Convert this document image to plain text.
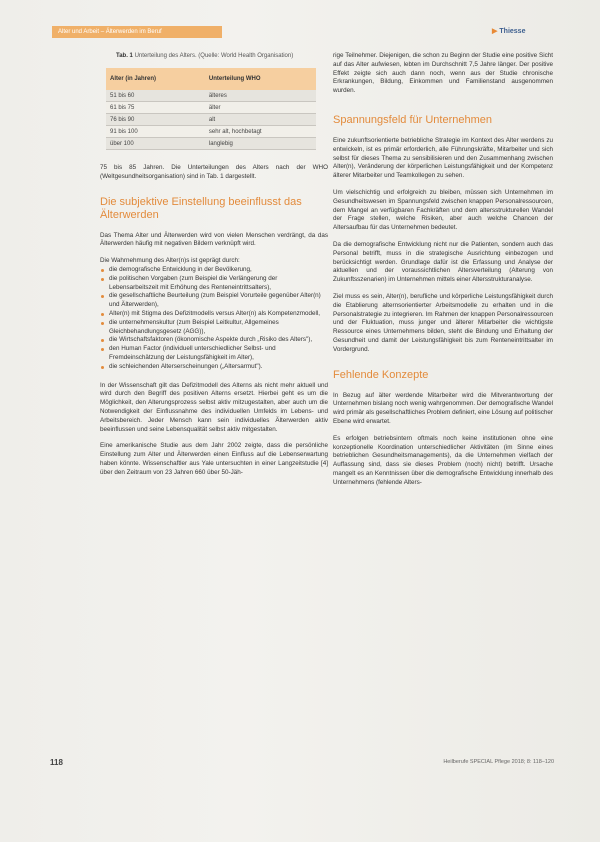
Alter und Arbeit – Älterwerden im Beruf	▶ Thiesse
Tab. 1 Unterteilung des Alters. (Quelle: World Health Organisation)
Alter (in Jahren)	Unterteilung WHO
51 bis 60	älteres
61 bis 75	älter
76 bis 90	alt
91 bis 100	sehr alt, hochbetagt
über 100	langlebig

75 bis 85 Jahren. Die Unterteilungen des Alters nach der WHO (Weltgesundheitsorganisation) sind in Tab. 1 dargestellt.

Die subjektive Einstellung beeinflusst das Älterwerden

Das Thema Alter und Älterwerden wird von vielen Menschen verdrängt, da das Älterwerden häufig mit negativen Bildern verknüpft wird.

Die Wahrnehmung des Alter(n)s ist geprägt durch:

die demografische Entwicklung in der Bevölkerung,
die politischen Vorgaben (zum Beispiel die Verlängerung der Lebensarbeitszeit mit Erhöhung des Renteneintrittsalters),
die gesellschaftliche Beurteilung (zum Beispiel Vorurteile gegenüber Alter(n) und Älterwerden),
Alter(n) mit Stigma des Defizitmodells versus Alter(n) als Kompetenzmodell,
die unternehmenskultur (zum Beispiel Leitkultur, Allgemeines Gleichbehandlungsgesetz (AGG)),
die Wirtschaftsfaktoren (ökonomische Aspekte durch „Risiko des Alters"),
den Human Factor (individuell unterschiedlicher Selbst- und Fremdeinschätzung der Leistungsfähigkeit im Alter),
die schleichenden Alterserscheinungen („Altersarmut").

In der Wissenschaft gilt das Defizitmodell des Alterns als nicht mehr aktuell und wird durch den Begriff des positiven Alterns ersetzt. Hierbei geht es um die Möglichkeit, den Alterungsprozess selbst aktiv mitzugestalten, aber auch um die Notwendigkeit der Einflussnahme des individuellen Umfelds im Lebens- und Arbeitsbereich. Jeder Mensch kann sein individuelles Älterwerden aktiv beeinflussen und seine Lebensqualität selbst aktiv mitgestalten.

Eine amerikanische Studie aus dem Jahr 2002 zeigte, dass die persönliche Einstellung zum Alter und Älterwerden einen Einfluss auf die Lebenserwartung haben könnte. Wissenschaftler aus Yale untersuchten in einer Langzeitstudie [4] über den Zeitraum von 23 Jahren 660 über 50-Jäh-

rige Teilnehmer. Diejenigen, die schon zu Beginn der Studie eine positive Sicht auf das Alter aufwiesen, lebten im Durchschnitt 7,5 Jahre länger. Der positive Effekt zeigte sich auch dann noch, wenn aus der Studie chronische Erkrankungen, Bildung, Einkommen und Familienstand ausgenommen wurden.

Spannungsfeld für Unternehmen

Eine zukunftsorientierte betriebliche Strategie im Kontext des Alter werdens zu entwickeln, ist es primär erforderlich, alle Führungskräfte, Mitarbeiter und sich selbst für dieses Thema zu sensibilisieren und den Zusammenhang zwischen Alter(n), Veränderung der körperlichen Leistungsfähigkeit und der Kompetenz älterer Mitarbeiter und Teamkollegen zu sehen.

Um vielschichtig und erfolgreich zu bleiben, müssen sich Unternehmen im Gesundheitswesen im Spannungsfeld zwischen knappen Personalressourcen, dem Mangel an verfügbaren Fachkräften und dem altersstrukturellen Wandel der Frage stellen, welche Risiken, aber auch welche Chancen der Altersaufbau für das Unternehmen bedeutet.

Da die demografische Entwicklung nicht nur die Patienten, sondern auch das Personal betrifft, muss in die strategische Ausrichtung einbezogen und berücksichtigt werden. Grundlage dafür ist die Erfassung und Analyse der aktuellen und der voraussichtlichen Altersverteilung (Alterung von Zukunftsszenarien) im Unternehmen mittels einer Altersstrukturanalyse.

Ziel muss es sein, Alter(n), berufliche und körperliche Leistungsfähigkeit durch die Etablierung alternsorientierter Arbeitsmodelle zu erhalten und in die Personalstrategie zu integrieren. Im Rahmen der knappen Personalressourcen und der Fluktuation, muss junger und älterer Mitarbeiter die wichtigste Ressource eines Unternehmens bilden, steht die Bindung und Erhaltung der Gesundheit und damit der Leistungsfähigkeit bis zum Renteneintrittsalter im Vordergrund.

Fehlende Konzepte

In Bezug auf älter werdende Mitarbeiter wird die Mitverantwortung der Unternehmen bislang noch wenig wahrgenommen. Der demografische Wandel wird primär als gesellschaftliches Problem definiert, eine Lösung auf politischer Ebene wird erwartet.

Es erfolgen betriebsintern oftmals noch keine institutionen ohne eine konzeptionelle Koordination unterschiedlicher Aktivitäten (im Sinne eines betrieblichen Gesundheitsmanagements), da die Unternehmen vielfach der Auffassung sind, dass sie dieses Problem (noch) nicht) betrifft. Ursache mangelt es an Kenntnissen über die demografische Entwicklung innerhalb des Unternehmens (fehlende Alters-

118	Heilberufe SPECIAL Pflege 2018; 8: 118–120
